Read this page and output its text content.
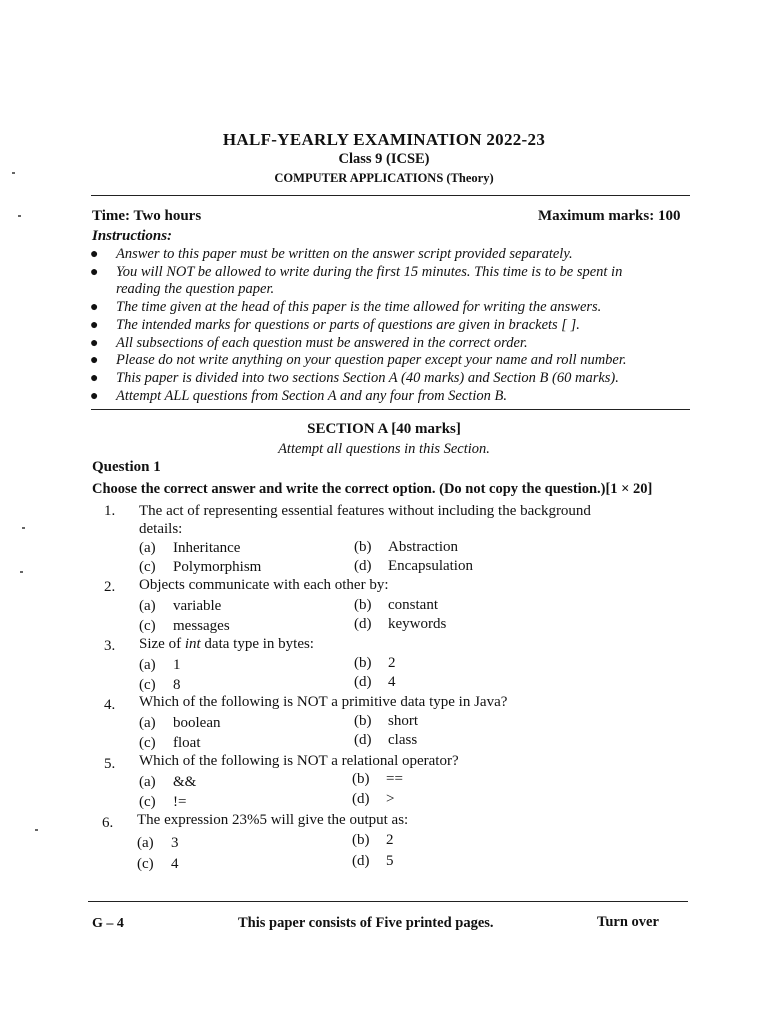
HALF-YEARLY EXAMINATION 2022-23
Class 9 (ICSE)
COMPUTER APPLICATIONS (Theory)
Time: Two hours	Maximum marks: 100
Instructions:
● Answer to this paper must be written on the answer script provided separately.
● You will NOT be allowed to write during the first 15 minutes. This time is to be spent in
reading the question paper.
● The time given at the head of this paper is the time allowed for writing the answers.
● The intended marks for questions or parts of questions are given in brackets [ ].
● All subsections of each question must be answered in the correct order.
● Please do not write anything on your question paper except your name and roll number.
● This paper is divided into two sections Section A (40 marks) and Section B (60 marks).
● Attempt ALL questions from Section A and any four from Section B.
SECTION A [40 marks]
Attempt all questions in this Section.
Question 1
Choose the correct answer and write the correct option. (Do not copy the question.)[1 × 20]
1. The act of representing essential features without including the background
details:
(a) Inheritance	(b) Abstraction
(c) Polymorphism	(d) Encapsulation
2. Objects communicate with each other by:
(a) variable	(b) constant
(c) messages	(d) keywords
3. Size of int data type in bytes:
(a) 1	(b) 2
(c) 8	(d) 4
4. Which of the following is NOT a primitive data type in Java?
(a) boolean	(b) short
(c) float	(d) class
5. Which of the following is NOT a relational operator?
(a) &&	(b) ==
(c) !=	(d) >
6. The expression 23%5 will give the output as:
(a) 3	(b) 2
(c) 4	(d) 5
G – 4	This paper consists of Five printed pages.	Turn over
